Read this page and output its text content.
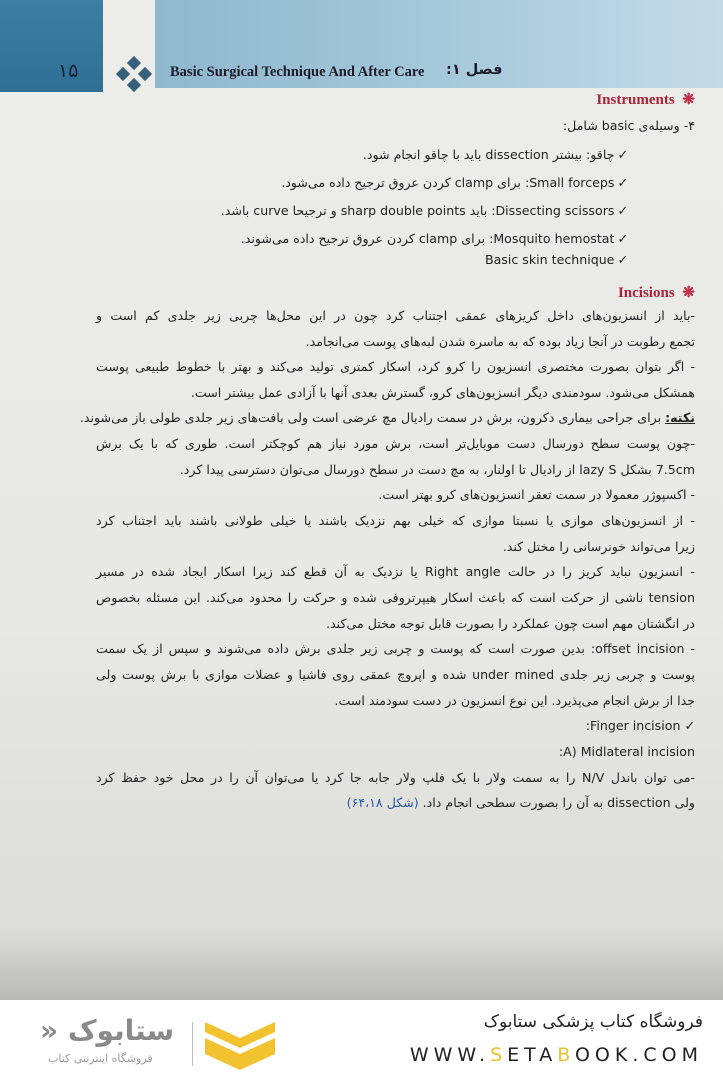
۱۵	Basic Surgical Technique And After Care فصل ۱:
Instruments ❋
۴- وسیله‌ی basic شامل:
✓چاقو: بیشتر dissection باید با چاقو انجام شود.
✓Small forceps: برای clamp کردن عروق ترجیح داده می‌شود.
✓Dissecting scissors: باید sharp double points و ترجیحا curve باشد.
✓Mosquito hemostat: برای clamp کردن عروق ترجیح داده می‌شوند.
✓Basic skin technique
Incisions ❋
-باید از انسزیون‌های داخل کریزهای عمقی اجتناب کرد چون در این محل‌ها چربی زیر جلدی کم است و
تجمع رطوبت در آنجا زیاد بوده که به ماسره شدن لبه‌های پوست می‌انجامد.
- اگر بتوان بصورت مختصری انسزیون را کرو کرد، اسکار کمتری تولید می‌کند و بهتر با خطوط طبیعی پوست
همشکل می‌شود. سودمندی دیگر انسزیون‌های کرو، گسترش بعدی آنها با آزادی عمل بیشتر است.
نکته: برای جراحی بیماری دکرون، برش در سمت رادیال مچ عرضی است ولی بافت‌های زیر جلدی طولی باز می‌شوند.
-چون پوست سطح دورسال دست موبایل‌تر است، برش مورد نیاز هم کوچکتر است. طوری که با یک برش
7.5cm بشکل lazy S از رادیال تا اولنار، به مچ دست در سطح دورسال می‌توان دسترسی پیدا کرد.
- اکسپوژر معمولا در سمت تعقر انسزیون‌های کرو بهتر است.
- از انسزیون‌های موازی یا نسبتا موازی که خیلی بهم نزدیک باشند یا خیلی طولانی باشند باید اجتناب کرد
زیرا می‌تواند خونرسانی را مختل کند.
- انسزیون نباید کریز را در حالت Right angle یا نزدیک به آن قطع کند زیرا اسکار ایجاد شده در مسیر
tension ناشی از حرکت است که باعث اسکار هیپرتروفی شده و حرکت را محدود می‌کند. این مسئله بخصوص
در انگشتان مهم است چون عملکرد را بصورت قابل توجه مختل می‌کند.
- offset incision: بدین صورت است که پوست و چربی زیر جلدی برش داده می‌شوند و سپس از یک سمت
پوست و چربی زیر جلدی under mined شده و اپروچ عمقی روی فاشیا و عضلات موازی با برش پوست ولی
جدا از برش انجام می‌پذیرد. این نوع انسزیون در دست سودمند است.
✓ Finger incision:
A) Midlateral incision:
-می توان باندل N/V را به سمت ولار با یک فلپ ولار جابه جا کرد یا می‌توان آن را در محل خود حفظ کرد
ولی dissection به آن را بصورت سطحی انجام داد. (شکل ۶۴،۱۸)
ستابوک «
فروشگاه اینترنتی کتاب
فروشگاه کتاب پزشکی ستابوک
WWW.SETABOOK.COM
